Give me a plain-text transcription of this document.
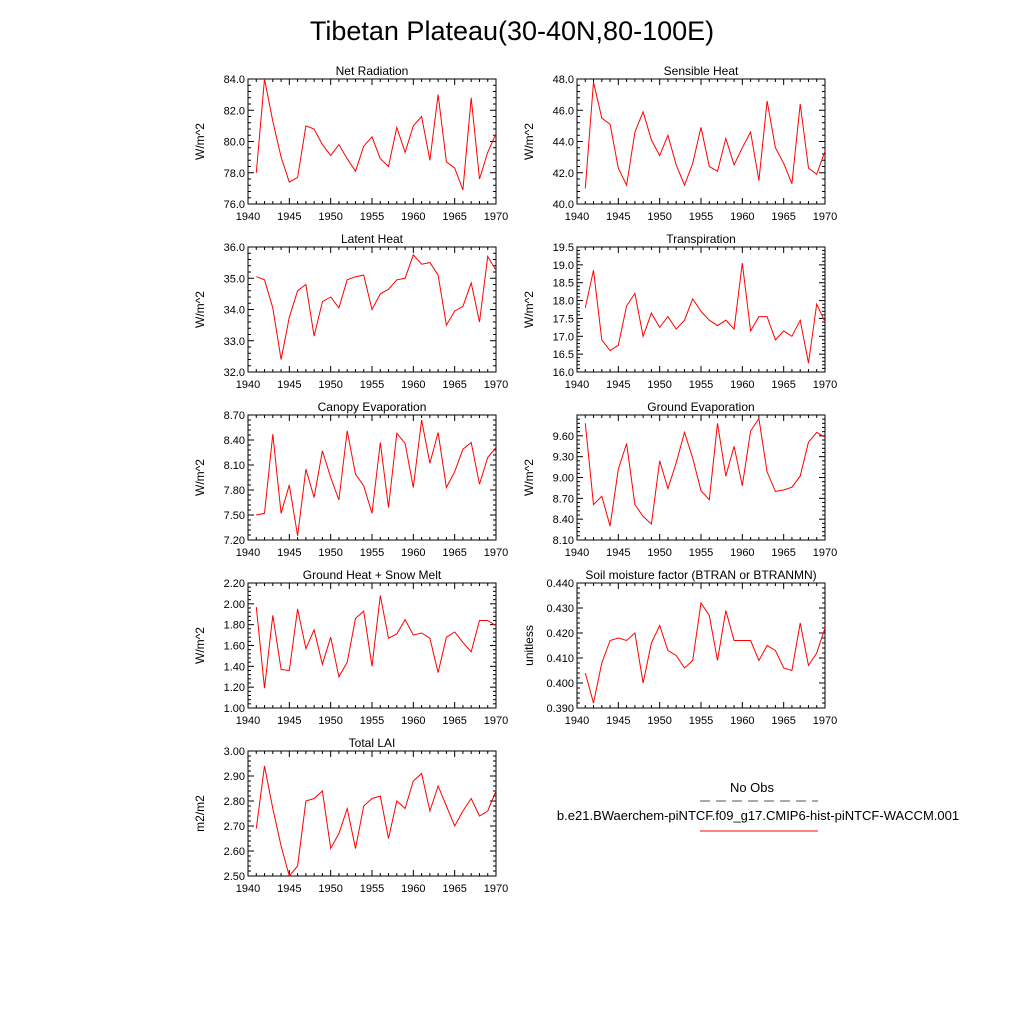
Tibetan Plateau(30-40N,80-100E)
Net Radiation
1940 1945 1950 1955 1960 1965 1970
76.0
78.0
80.0
82.0
84.0
W/m^2
Sensible Heat
1940 1945 1950 1955 1960 1965 1970
40.0
42.0
44.0
46.0
48.0
W/m^2
Latent Heat
1940 1945 1950 1955 1960 1965 1970
32.0
33.0
34.0
35.0
36.0
W/m^2
Transpiration
1940 1945 1950 1955 1960 1965 1970
16.0
16.5
17.0
17.5
18.0
18.5
19.0
19.5
W/m^2
Canopy Evaporation
1940 1945 1950 1955 1960 1965 1970
7.20
7.50
7.80
8.10
8.40
8.70
W/m^2
Ground Evaporation
1940 1945 1950 1955 1960 1965 1970
8.10
8.40
8.70
9.00
9.30
9.60
W/m^2
Ground Heat + Snow Melt
1940 1945 1950 1955 1960 1965 1970
1.00
1.20
1.40
1.60
1.80
2.00
2.20
W/m^2
Soil moisture factor (BTRAN or BTRANMN)
1940 1945 1950 1955 1960 1965 1970
0.390
0.400
0.410
0.420
0.430
0.440
unitless
Total LAI
1940 1945 1950 1955 1960 1965 1970
2.50
2.60
2.70
2.80
2.90
3.00
m2/m2
No Obs
b.e21.BWaerchem-piNTCF.f09_g17.CMIP6-hist-piNTCF-WACCM.001
